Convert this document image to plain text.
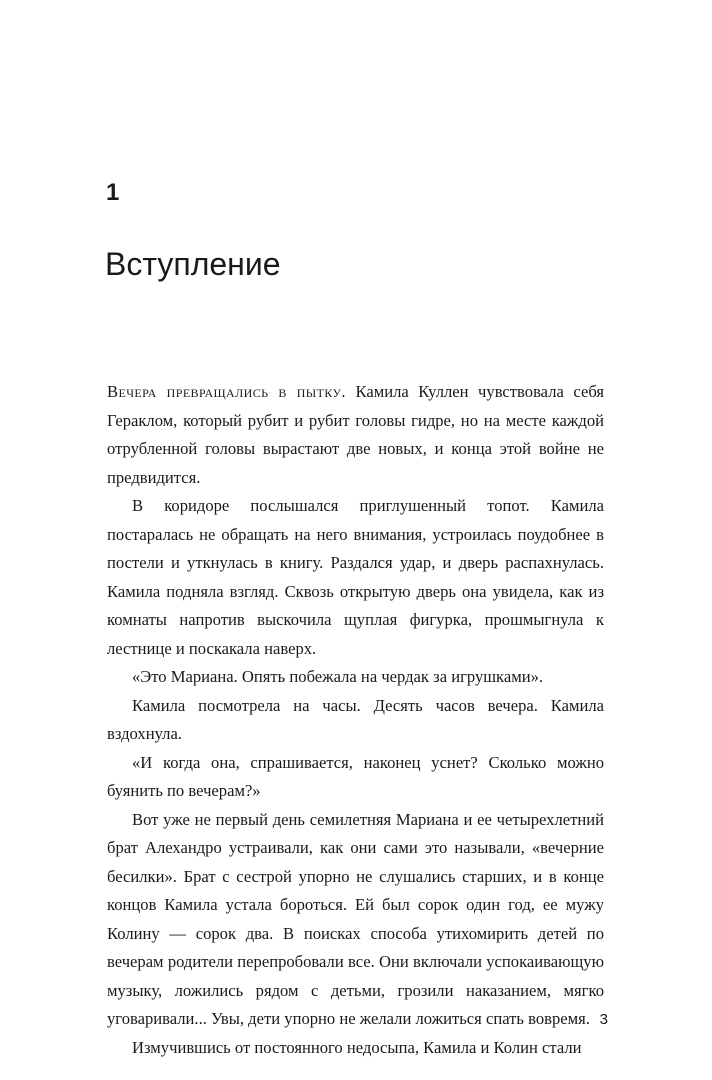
1
Вступление

Вечера превращались в пытку. Камила Куллен чувствовала себя Гераклом, который рубит и рубит головы гидре, но на месте каждой отрубленной головы вырастают две новых, и конца этой войне не предвидится.

В коридоре послышался приглушенный топот. Камила постаралась не обращать на него внимания, устроилась поудобнее в постели и уткнулась в книгу. Раздался удар, и дверь распахнулась. Камила подняла взгляд. Сквозь открытую дверь она увидела, как из комнаты напротив выскочила щуплая фигурка, прошмыгнула к лестнице и поскакала наверх.

«Это Мариана. Опять побежала на чердак за игрушками».

Камила посмотрела на часы. Десять часов вечера. Камила вздохнула.

«И когда она, спрашивается, наконец уснет? Сколько можно буянить по вечерам?»

Вот уже не первый день семилетняя Мариана и ее четырехлетний брат Алехандро устраивали, как они сами это называли, «вечерние бесилки». Брат с сестрой упорно не слушались старших, и в конце концов Камила устала бороться. Ей был сорок один год, ее мужу Колину — сорок два. В поисках способа утихомирить детей по вечерам родители перепробовали все. Они включали успокаивающую музыку, ложились рядом с детьми, грозили наказанием, мягко уговаривали... Увы, дети упорно не желали ложиться спать вовремя.

Измучившись от постоянного недосыпа, Камила и Колин стали

3
